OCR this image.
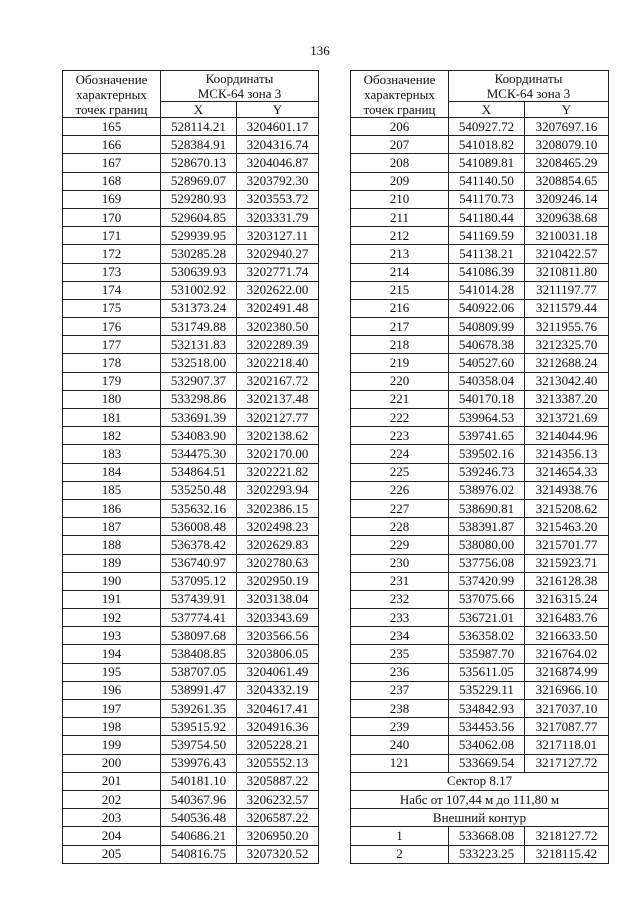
136
Обозначение
характерных
точек границ	Координаты
МСК-64 зона 3	
	X	Y
165	528114.21	3204601.17
166	528384.91	3204316.74
167	528670.13	3204046.87
168	528969.07	3203792.30
169	529280.93	3203553.72
170	529604.85	3203331.79
171	529939.95	3203127.11
172	530285.28	3202940.27
173	530639.93	3202771.74
174	531002.92	3202622.00
175	531373.24	3202491.48
176	531749.88	3202380.50
177	532131.83	3202289.39
178	532518.00	3202218.40
179	532907.37	3202167.72
180	533298.86	3202137.48
181	533691.39	3202127.77
182	534083.90	3202138.62
183	534475.30	3202170.00
184	534864.51	3202221.82
185	535250.48	3202293.94
186	535632.16	3202386.15
187	536008.48	3202498.23
188	536378.42	3202629.83
189	536740.97	3202780.63
190	537095.12	3202950.19
191	537439.91	3203138.04
192	537774.41	3203343.69
193	538097.68	3203566.56
194	538408.85	3203806.05
195	538707.05	3204061.49
196	538991.47	3204332.19
197	539261.35	3204617.41
198	539515.92	3204916.36
199	539754.50	3205228.21
200	539976.43	3205552.13
201	540181.10	3205887.22
202	540367.96	3206232.57
203	540536.48	3206587.22
204	540686.21	3206950.20
205	540816.75	3207320.52
Обозначение
характерных
точек границ	Координаты
МСК-64 зона 3	
	X	Y
206	540927.72	3207697.16
207	541018.82	3208079.10
208	541089.81	3208465.29
209	541140.50	3208854.65
210	541170.73	3209246.14
211	541180.44	3209638.68
212	541169.59	3210031.18
213	541138.21	3210422.57
214	541086.39	3210811.80
215	541014.28	3211197.77
216	540922.06	3211579.44
217	540809.99	3211955.76
218	540678.38	3212325.70
219	540527.60	3212688.24
220	540358.04	3213042.40
221	540170.18	3213387.20
222	539964.53	3213721.69
223	539741.65	3214044.96
224	539502.16	3214356.13
225	539246.73	3214654.33
226	538976.02	3214938.76
227	538690.81	3215208.62
228	538391.87	3215463.20
229	538080.00	3215701.77
230	537756.08	3215923.71
231	537420.99	3216128.38
232	537075.66	3216315.24
233	536721.01	3216483.76
234	536358.02	3216633.50
235	535987.70	3216764.02
236	535611.05	3216874.99
237	535229.11	3216966.10
238	534842.93	3217037.10
239	534453.56	3217087.77
240	534062.08	3217118.01
121	533669.54	3217127.72
Сектор 8.17		
Набс от 107,44 м до 111,80 м		
Внешний контур		
1	533668.08	3218127.72
2	533223.25	3218115.42
